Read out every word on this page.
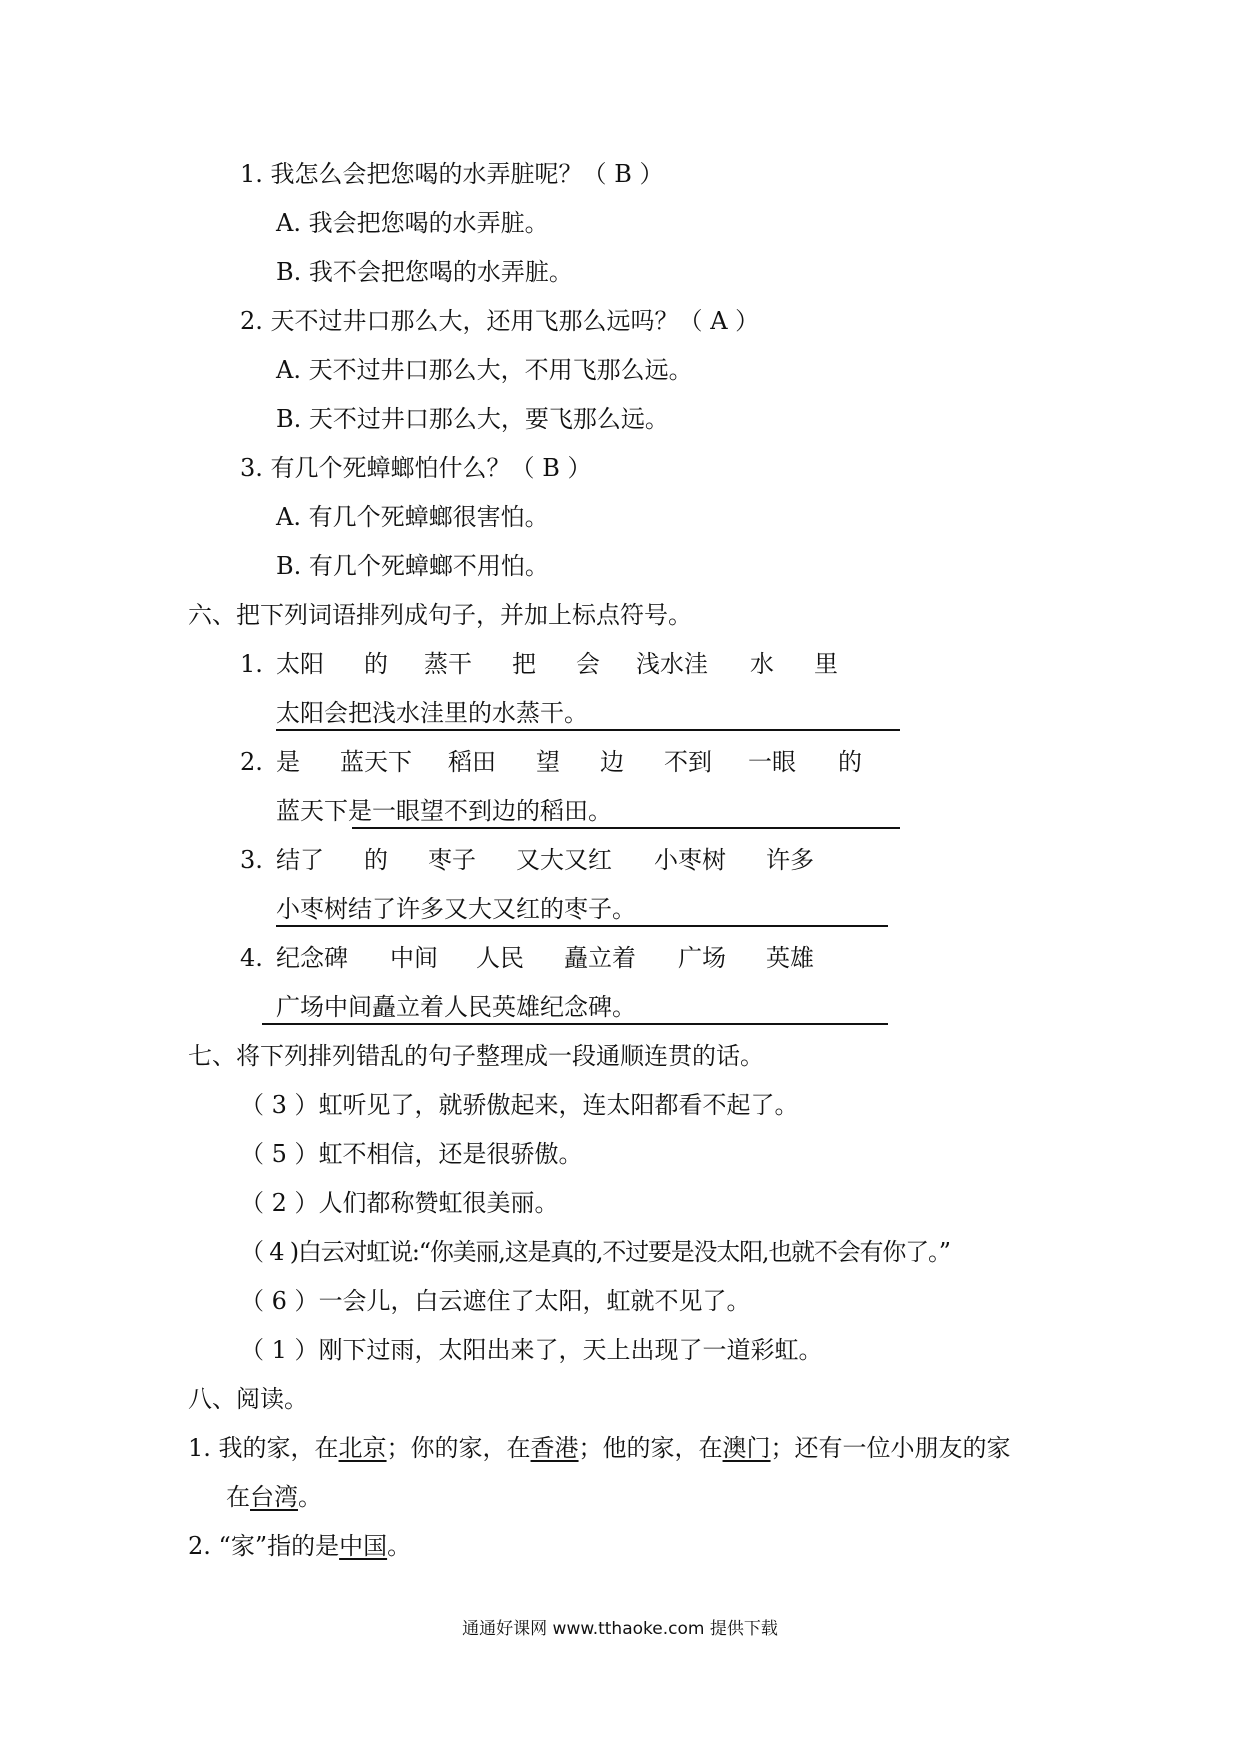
1. 我怎么会把您喝的水弄脏呢？（ B ）
A. 我会把您喝的水弄脏。
B. 我不会把您喝的水弄脏。
2. 天不过井口那么大，还用飞那么远吗？（ A ）
A. 天不过井口那么大，不用飞那么远。
B. 天不过井口那么大，要飞那么远。
3. 有几个死蟑螂怕什么？（ B ）
A. 有几个死蟑螂很害怕。
B. 有几个死蟑螂不用怕。
六、把下列词语排列成句子，并加上标点符号。
1. 太阳 的 蒸干 把 会 浅水洼 水 里
太阳会把浅水洼里的水蒸干。
2. 是 蓝天下 稻田 望 边 不到 一眼 的
蓝天下是一眼望不到边的稻田。
3. 结了 的 枣子 又大又红 小枣树 许多
小枣树结了许多又大又红的枣子。
4. 纪念碑 中间 人民 矗立着 广场 英雄
广场中间矗立着人民英雄纪念碑。
七、将下列排列错乱的句子整理成一段通顺连贯的话。
（ 3 ）虹听见了，就骄傲起来，连太阳都看不起了。
（ 5 ）虹不相信，还是很骄傲。
（ 2 ）人们都称赞虹很美丽。
（ 4 )白云对虹说:“你美丽,这是真的,不过要是没太阳,也就不会有你了。”
（ 6 ）一会儿，白云遮住了太阳，虹就不见了。
（ 1 ）刚下过雨，太阳出来了，天上出现了一道彩虹。
八、阅读。
1. 我的家，在北京；你的家，在香港；他的家，在澳门；还有一位小朋友的家
在台湾。
2. “家”指的是中国。
通通好课网 www.tthaoke.com 提供下载
